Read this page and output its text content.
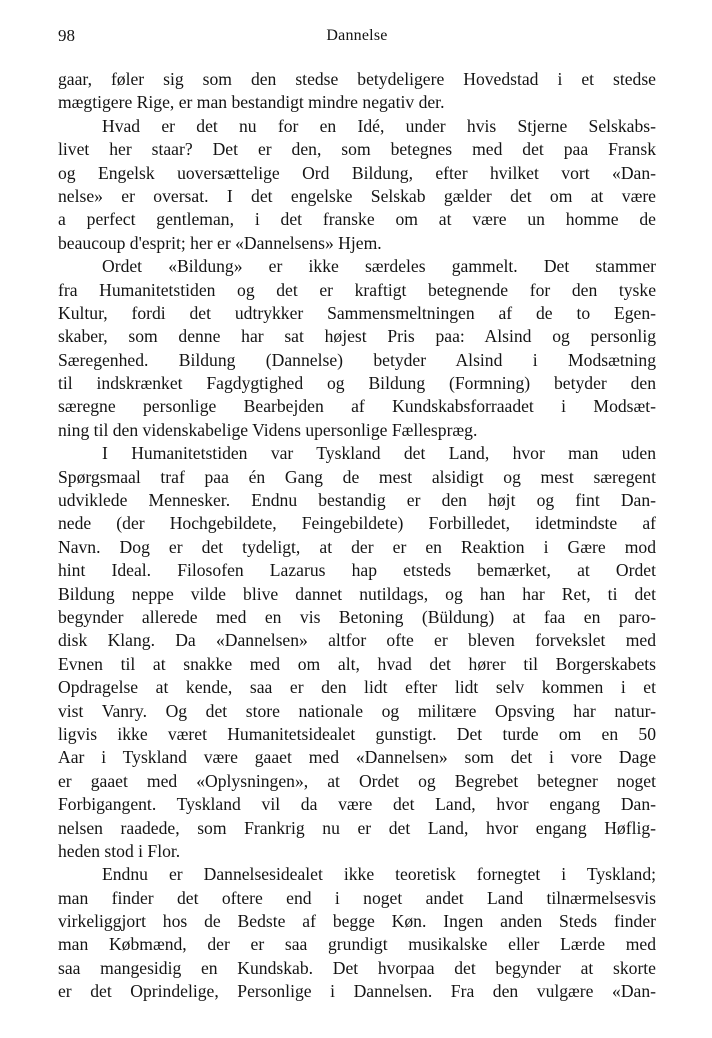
98	Dannelse
gaar, føler sig som den stedse betydeligere Hovedstad i et stedse
mægtigere Rige, er man bestandigt mindre negativ der.
Hvad er det nu for en Idé, under hvis Stjerne Selskabs-
livet her staar? Det er den, som betegnes med det paa Fransk
og Engelsk uoversættelige Ord Bildung, efter hvilket vort «Dan-
nelse» er oversat. I det engelske Selskab gælder det om at være
a perfect gentleman, i det franske om at være un homme de
beaucoup d'esprit; her er «Dannelsens» Hjem.
Ordet «Bildung» er ikke særdeles gammelt. Det stammer
fra Humanitetstiden og det er kraftigt betegnende for den tyske
Kultur, fordi det udtrykker Sammensmeltningen af de to Egen-
skaber, som denne har sat højest Pris paa: Alsind og personlig
Særegenhed. Bildung (Dannelse) betyder Alsind i Modsætning
til indskrænket Fagdygtighed og Bildung (Formning) betyder den
særegne personlige Bearbejden af Kundskabsforraadet i Modsæt-
ning til den videnskabelige Videns upersonlige Fællespræg.
I Humanitetstiden var Tyskland det Land, hvor man uden
Spørgsmaal traf paa én Gang de mest alsidigt og mest særegent
udviklede Mennesker. Endnu bestandig er den højt og fint Dan-
nede (der Hochgebildete, Feingebildete) Forbilledet, idetmindste af
Navn. Dog er det tydeligt, at der er en Reaktion i Gære mod
hint Ideal. Filosofen Lazarus hap etsteds bemærket, at Ordet
Bildung neppe vilde blive dannet nutildags, og han har Ret, ti det
begynder allerede med en vis Betoning (Büldung) at faa en paro-
disk Klang. Da «Dannelsen» altfor ofte er bleven forvekslet med
Evnen til at snakke med om alt, hvad det hører til Borgerskabets
Opdragelse at kende, saa er den lidt efter lidt selv kommen i et
vist Vanry. Og det store nationale og militære Opsving har natur-
ligvis ikke været Humanitetsidealet gunstigt. Det turde om en 50
Aar i Tyskland være gaaet med «Dannelsen» som det i vore Dage
er gaaet med «Oplysningen», at Ordet og Begrebet betegner noget
Forbigangent. Tyskland vil da være det Land, hvor engang Dan-
nelsen raadede, som Frankrig nu er det Land, hvor engang Høflig-
heden stod i Flor.
Endnu er Dannelsesidealet ikke teoretisk fornegtet i Tyskland;
man finder det oftere end i noget andet Land tilnærmelsesvis
virkeliggjort hos de Bedste af begge Køn. Ingen anden Steds finder
man Købmænd, der er saa grundigt musikalske eller Lærde med
saa mangesidig en Kundskab. Det hvorpaa det begynder at skorte
er det Oprindelige, Personlige i Dannelsen. Fra den vulgære «Dan-
